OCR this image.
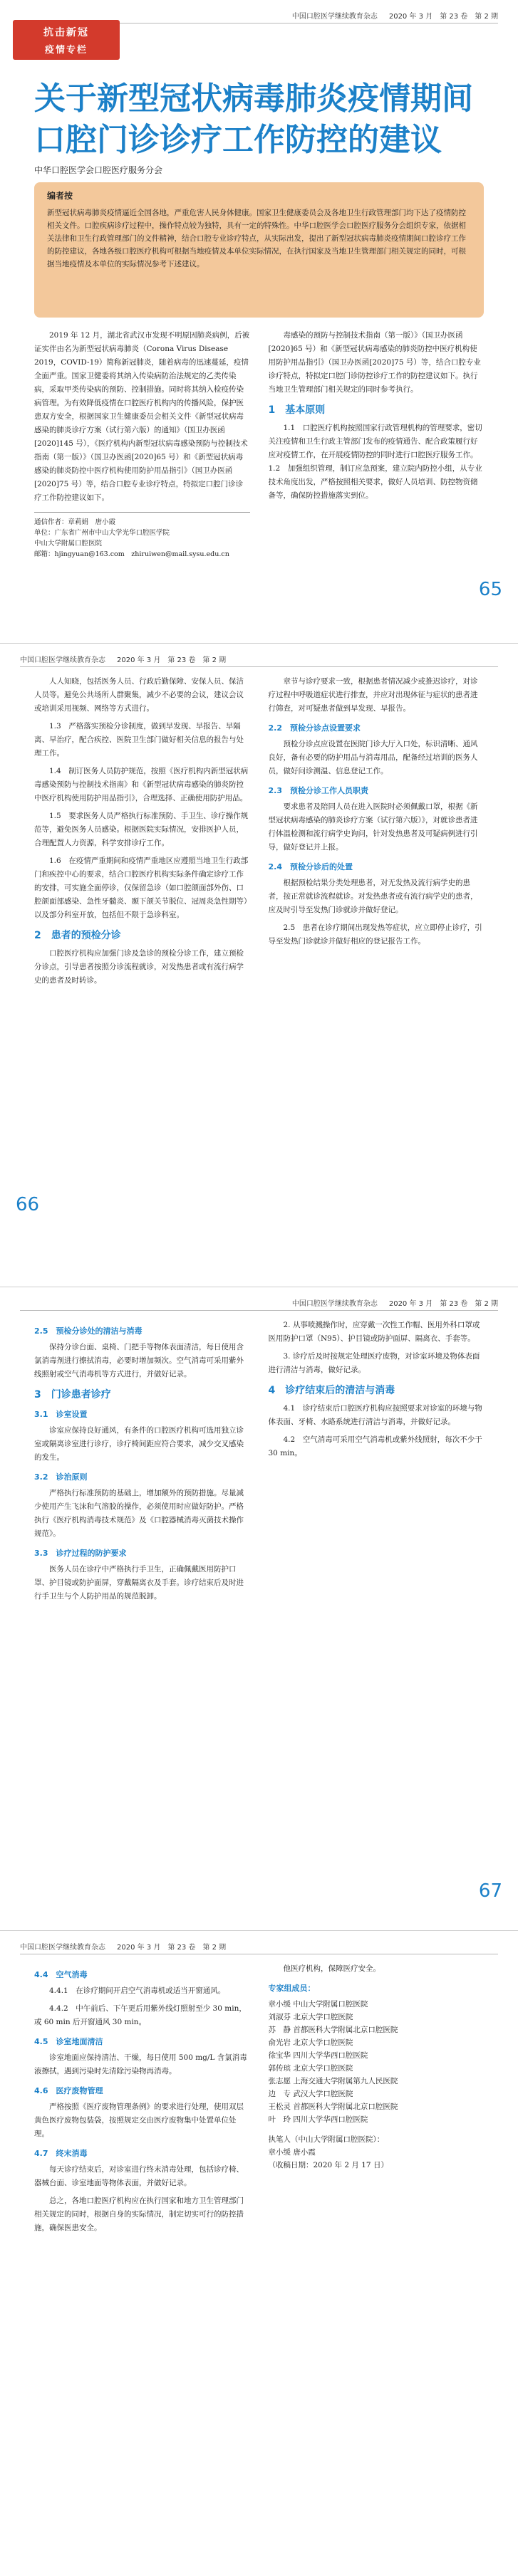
中国口腔医学继续教育杂志 2020 年 3 月　第 23 卷　第 2 期
抗击新冠
疫情专栏
关于新型冠状病毒肺炎疫情期间口腔门诊诊疗工作防控的建议
中华口腔医学会口腔医疗服务分会
编者按
新型冠状病毒肺炎疫情逼近全国各地，严重危害人民身体健康。国家卫生健康委员会及各地卫生行政管理部门均下达了疫情防控相关文件。口腔疾病诊疗过程中，操作特点较为独特，具有一定的特殊性。中华口腔医学会口腔医疗服务分会组织专家，依据相关法律和卫生行政管理部门的文件精神，结合口腔专业诊疗特点，从实际出发，提出了新型冠状病毒肺炎疫情期间口腔诊疗工作的防控建议，各地各级口腔医疗机构可根据当地疫情及本单位实际情况，在执行国家及当地卫生管理部门相关规定的同时，可根据当地疫情及本单位的实际情况参考下述建议。

2019 年 12 月，湖北省武汉市发现不明原因肺炎病例，后被证实伴由名为新型冠状病毒肺炎（Corona Virus Disease 2019，COVID-19）简称新冠肺炎，随着病毒的迅速蔓延，疫情全面严重。国家卫健委将其纳入传染病防治法规定的乙类传染病，采取甲类传染病的预防、控制措施。同时将其纳入检疫传染病管理。为有效降低疫情在口腔医疗机构内的传播风险，保护医患双方安全，根据国家卫生健康委员会相关文件《新型冠状病毒感染的肺炎诊疗方案（试行第六版）的通知》（国卫办医函[2020]145 号），《医疗机构内新型冠状病毒感染预防与控制技术指南（第一版）》（国卫办医函[2020]65 号）和《新型冠状病毒感染的肺炎防控中医疗机构使用防护用品指引》（国卫办医函[2020]75 号）等，结合口腔专业诊疗特点，特拟定口腔门诊诊疗工作防控建议如下。

通信作者：章莉娟　唐小霞
单位：广东省广州市中山大学光华口腔医学院
中山大学附属口腔医院
邮箱：hjingyuan@163.com　zhiruiwen@mail.sysu.edu.cn

毒感染的预防与控制技术指南（第一版）》（国卫办医函[2020]65 号）和《新型冠状病毒感染的肺炎防控中医疗机构使用防护用品指引》（国卫办医函[2020]75 号）等，结合口腔专业诊疗特点，特拟定口腔门诊防控诊疗工作的防控建议如下。执行当地卫生管理部门相关规定的同时参考执行。

1　基本原则

1.1　口腔医疗机构按照国家行政管理机构的管理要求，密切关注疫情和卫生行政主管部门发布的疫情通告、配合政策履行好应对疫情工作，在开展疫情防控的同时进行口腔医疗服务工作。1.2　加强组织管理，制订应急预案，建立院内防控小组，从专业技术角度出发，严格按照相关要求，做好人员培训、防控物资储备等，确保防控措施落实到位。

65
中国口腔医学继续教育杂志 2020 年 3 月　第 23 卷　第 2 期

人人知晓，包括医务人员、行政后勤保障、安保人员、保洁人员等。避免公共场所人群聚集，减少不必要的会议，建议会议或培训采用视频、网络等方式进行。

1.3　严格落实预检分诊制度，做到早发现、早报告、早隔离、早治疗，配合疾控、医院卫生部门做好相关信息的报告与处理工作。

1.4　制订医务人员防护规范，按照《医疗机构内新型冠状病毒感染预防与控制技术指南》和《新型冠状病毒感染的肺炎防控中医疗机构使用防护用品指引》，合理选择、正确使用防护用品。

1.5　要求医务人员严格执行标准预防、手卫生、诊疗操作规范等，避免医务人员感染。根据医院实际情况，安排医护人员，合理配置人力资源，科学安排诊疗工作。

1.6　在疫情严重期间和疫情严重地区应遵照当地卫生行政部门和疾控中心的要求，结合口腔医疗机构实际条件确定诊疗工作的安排，可实施全面停诊，仅保留急诊（如口腔颌面部外伤、口腔颌面部感染、急性牙髓炎、颞下颌关节脱位、冠周炎急性期等）以及部分科室开放，包括但不限于急诊科室。

2　患者的预检分诊

口腔医疗机构应加强门诊及急诊的预检分诊工作，建立预检分诊点，引导患者按照分诊流程就诊，对发热患者或有流行病学史的患者及时转诊。

章节与诊疗要求一致，根据患者情况减少或推迟诊疗，对诊疗过程中呼吸道症状进行排查，并应对出现体征与症状的患者进行筛查，对可疑患者做到早发现、早报告。

2.2　预检分诊点设置要求

预检分诊点应设置在医院门诊大厅入口处，标识清晰、通风良好，备有必要的防护用品与消毒用品，配备经过培训的医务人员，做好问诊测温、信息登记工作。

2.3　预检分诊工作人员职责

要求患者及陪同人员在进入医院时必须佩戴口罩，根据《新型冠状病毒感染的肺炎诊疗方案（试行第六版）》，对就诊患者进行体温检测和流行病学史询问，针对发热患者及可疑病例进行引导，做好登记并上报。

2.4　预检分诊后的处置

根据预检结果分类处理患者，对无发热及流行病学史的患者，按正常就诊流程就诊。对发热患者或有流行病学史的患者，应及时引导至发热门诊就诊并做好登记。

2.5　患者在诊疗期间出现发热等症状，应立即停止诊疗，引导至发热门诊就诊并做好相应的登记报告工作。

66
中国口腔医学继续教育杂志 2020 年 3 月　第 23 卷　第 2 期
2.5　预检分诊处的清洁与消毒

保持分诊台面、桌椅、门把手等物体表面清洁，每日使用含氯消毒剂进行擦拭消毒，必要时增加频次。空气消毒可采用紫外线照射或空气消毒机等方式进行，并做好记录。

3　门诊患者诊疗
3.1　诊室设置

诊室应保持良好通风，有条件的口腔医疗机构可选用独立诊室或隔离诊室进行诊疗，诊疗椅间距应符合要求，减少交叉感染的发生。

3.2　诊治原则

严格执行标准预防的基础上，增加额外的预防措施。尽量减少使用产生飞沫和气溶胶的操作，必须使用时应做好防护。严格执行《医疗机构消毒技术规范》及《口腔器械消毒灭菌技术操作规范》。

3.3　诊疗过程的防护要求

医务人员在诊疗中严格执行手卫生，正确佩戴医用防护口罩、护目镜或防护面屏，穿戴隔离衣及手套。诊疗结束后及时进行手卫生与个人防护用品的规范脱卸。

2. 从事喷溅操作时，应穿戴一次性工作帽、医用外科口罩或医用防护口罩（N95）、护目镜或防护面屏、隔离衣、手套等。

3. 诊疗后及时按规定处理医疗废物，对诊室环境及物体表面进行清洁与消毒，做好记录。

4　诊疗结束后的清洁与消毒

4.1　诊疗结束后口腔医疗机构应按照要求对诊室的环境与物体表面、牙椅、水路系统进行清洁与消毒，并做好记录。

4.2　空气消毒可采用空气消毒机或紫外线照射，每次不少于 30 min。

67
中国口腔医学继续教育杂志 2020 年 3 月　第 23 卷　第 2 期
4.4　空气消毒

4.4.1　在诊疗期间开启空气消毒机或适当开窗通风。

4.4.2　中午前后、下午更后用紫外线灯照射至少 30 min，或 60 min 后开窗通风 30 min。

4.5　诊室地面清洁

诊室地面应保持清洁、干燥，每日使用 500 mg/L 含氯消毒液擦拭，遇到污染时先清除污染物再消毒。

4.6　医疗废物管理

严格按照《医疗废物管理条例》的要求进行处理，使用双层黄色医疗废物包装袋，按照规定交由医疗废物集中处置单位处理。

4.7　终末消毒

每天诊疗结束后，对诊室进行终末消毒处理，包括诊疗椅、器械台面、诊室地面等物体表面，并做好记录。

总之，各地口腔医疗机构应在执行国家和地方卫生管理部门相关规定的同时，根据自身的实际情况，制定切实可行的防控措施，确保医患安全。

他医疗机构，保障医疗安全。

专家组成员：
章小缓 中山大学附属口腔医院
刘淑芬 北京大学口腔医院
苏　静 首都医科大学附属北京口腔医院
俞光岩 北京大学口腔医院
徐宝华 四川大学华西口腔医院
郭传瑸 北京大学口腔医院
张志愿 上海交通大学附属第九人民医院
边　专 武汉大学口腔医院
王松灵 首都医科大学附属北京口腔医院
叶　玲 四川大学华西口腔医院
执笔人（中山大学附属口腔医院）：
章小缓 唐小霞
（收稿日期：2020 年 2 月 17 日）
